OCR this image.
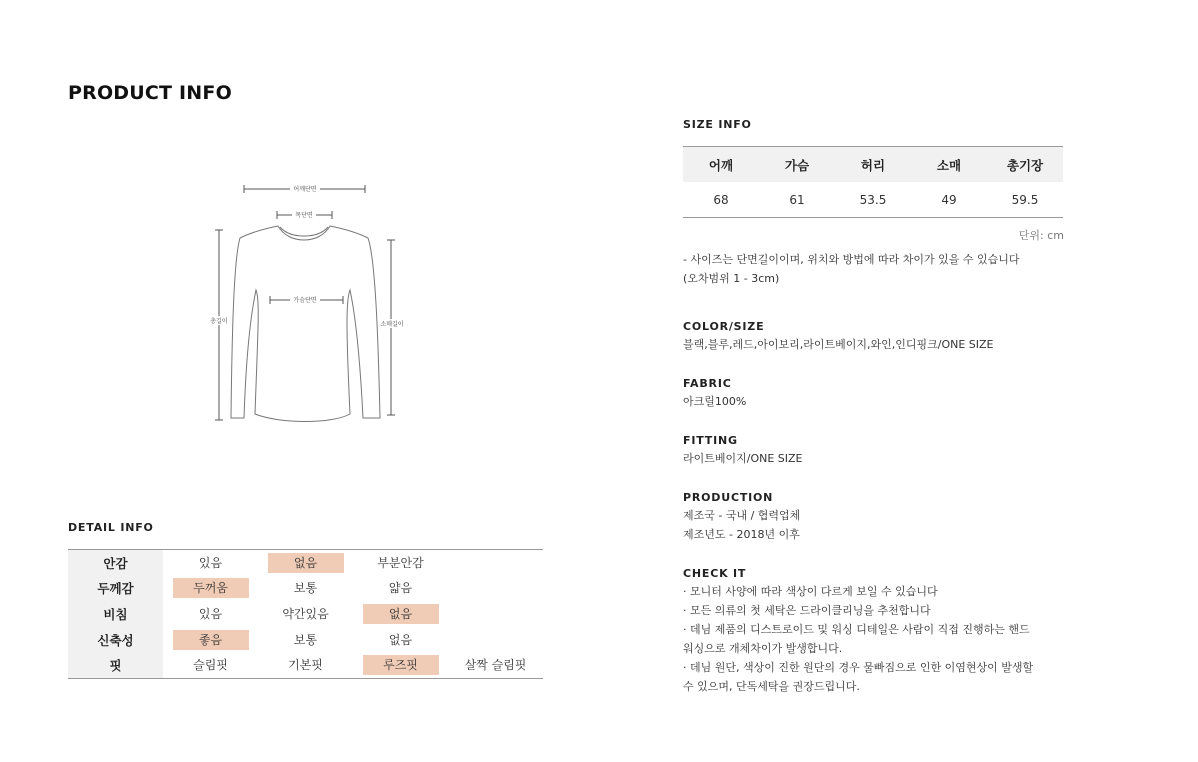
PRODUCT INFO
어깨단면
목단면
가슴단면
총길이	소매길이
DETAIL INFO
안감	있음	없음	부분안감
두께감	두꺼움	보통	얇음
비침	있음	약간있음	없음
신축성	좋음	보통	없음
핏	슬림핏	기본핏	루즈핏	살짝 슬림핏
SIZE INFO
어깨	가슴	허리	소매	총기장
68	61	53.5	49	59.5
단위: cm
- 사이즈는 단면길이이며, 위치와 방법에 따라 차이가 있을 수 있습니다
(오차범위 1 - 3cm)
COLOR/SIZE
블랙,블루,레드,아이보리,라이트베이지,와인,인디핑크/ONE SIZE
FABRIC
아크릴100%
FITTING
라이트베이지/ONE SIZE
PRODUCTION
제조국 - 국내 / 협력업체
제조년도 - 2018년 이후
CHECK IT
· 모니터 사양에 따라 색상이 다르게 보일 수 있습니다
· 모든 의류의 첫 세탁은 드라이클리닝을 추천합니다
· 데님 제품의 디스트로이드 및 워싱 디테일은 사람이 직접 진행하는 핸드
워싱으로 개체차이가 발생합니다.
· 데님 원단, 색상이 진한 원단의 경우 물빠짐으로 인한 이염현상이 발생할
수 있으며, 단독세탁을 권장드립니다.
